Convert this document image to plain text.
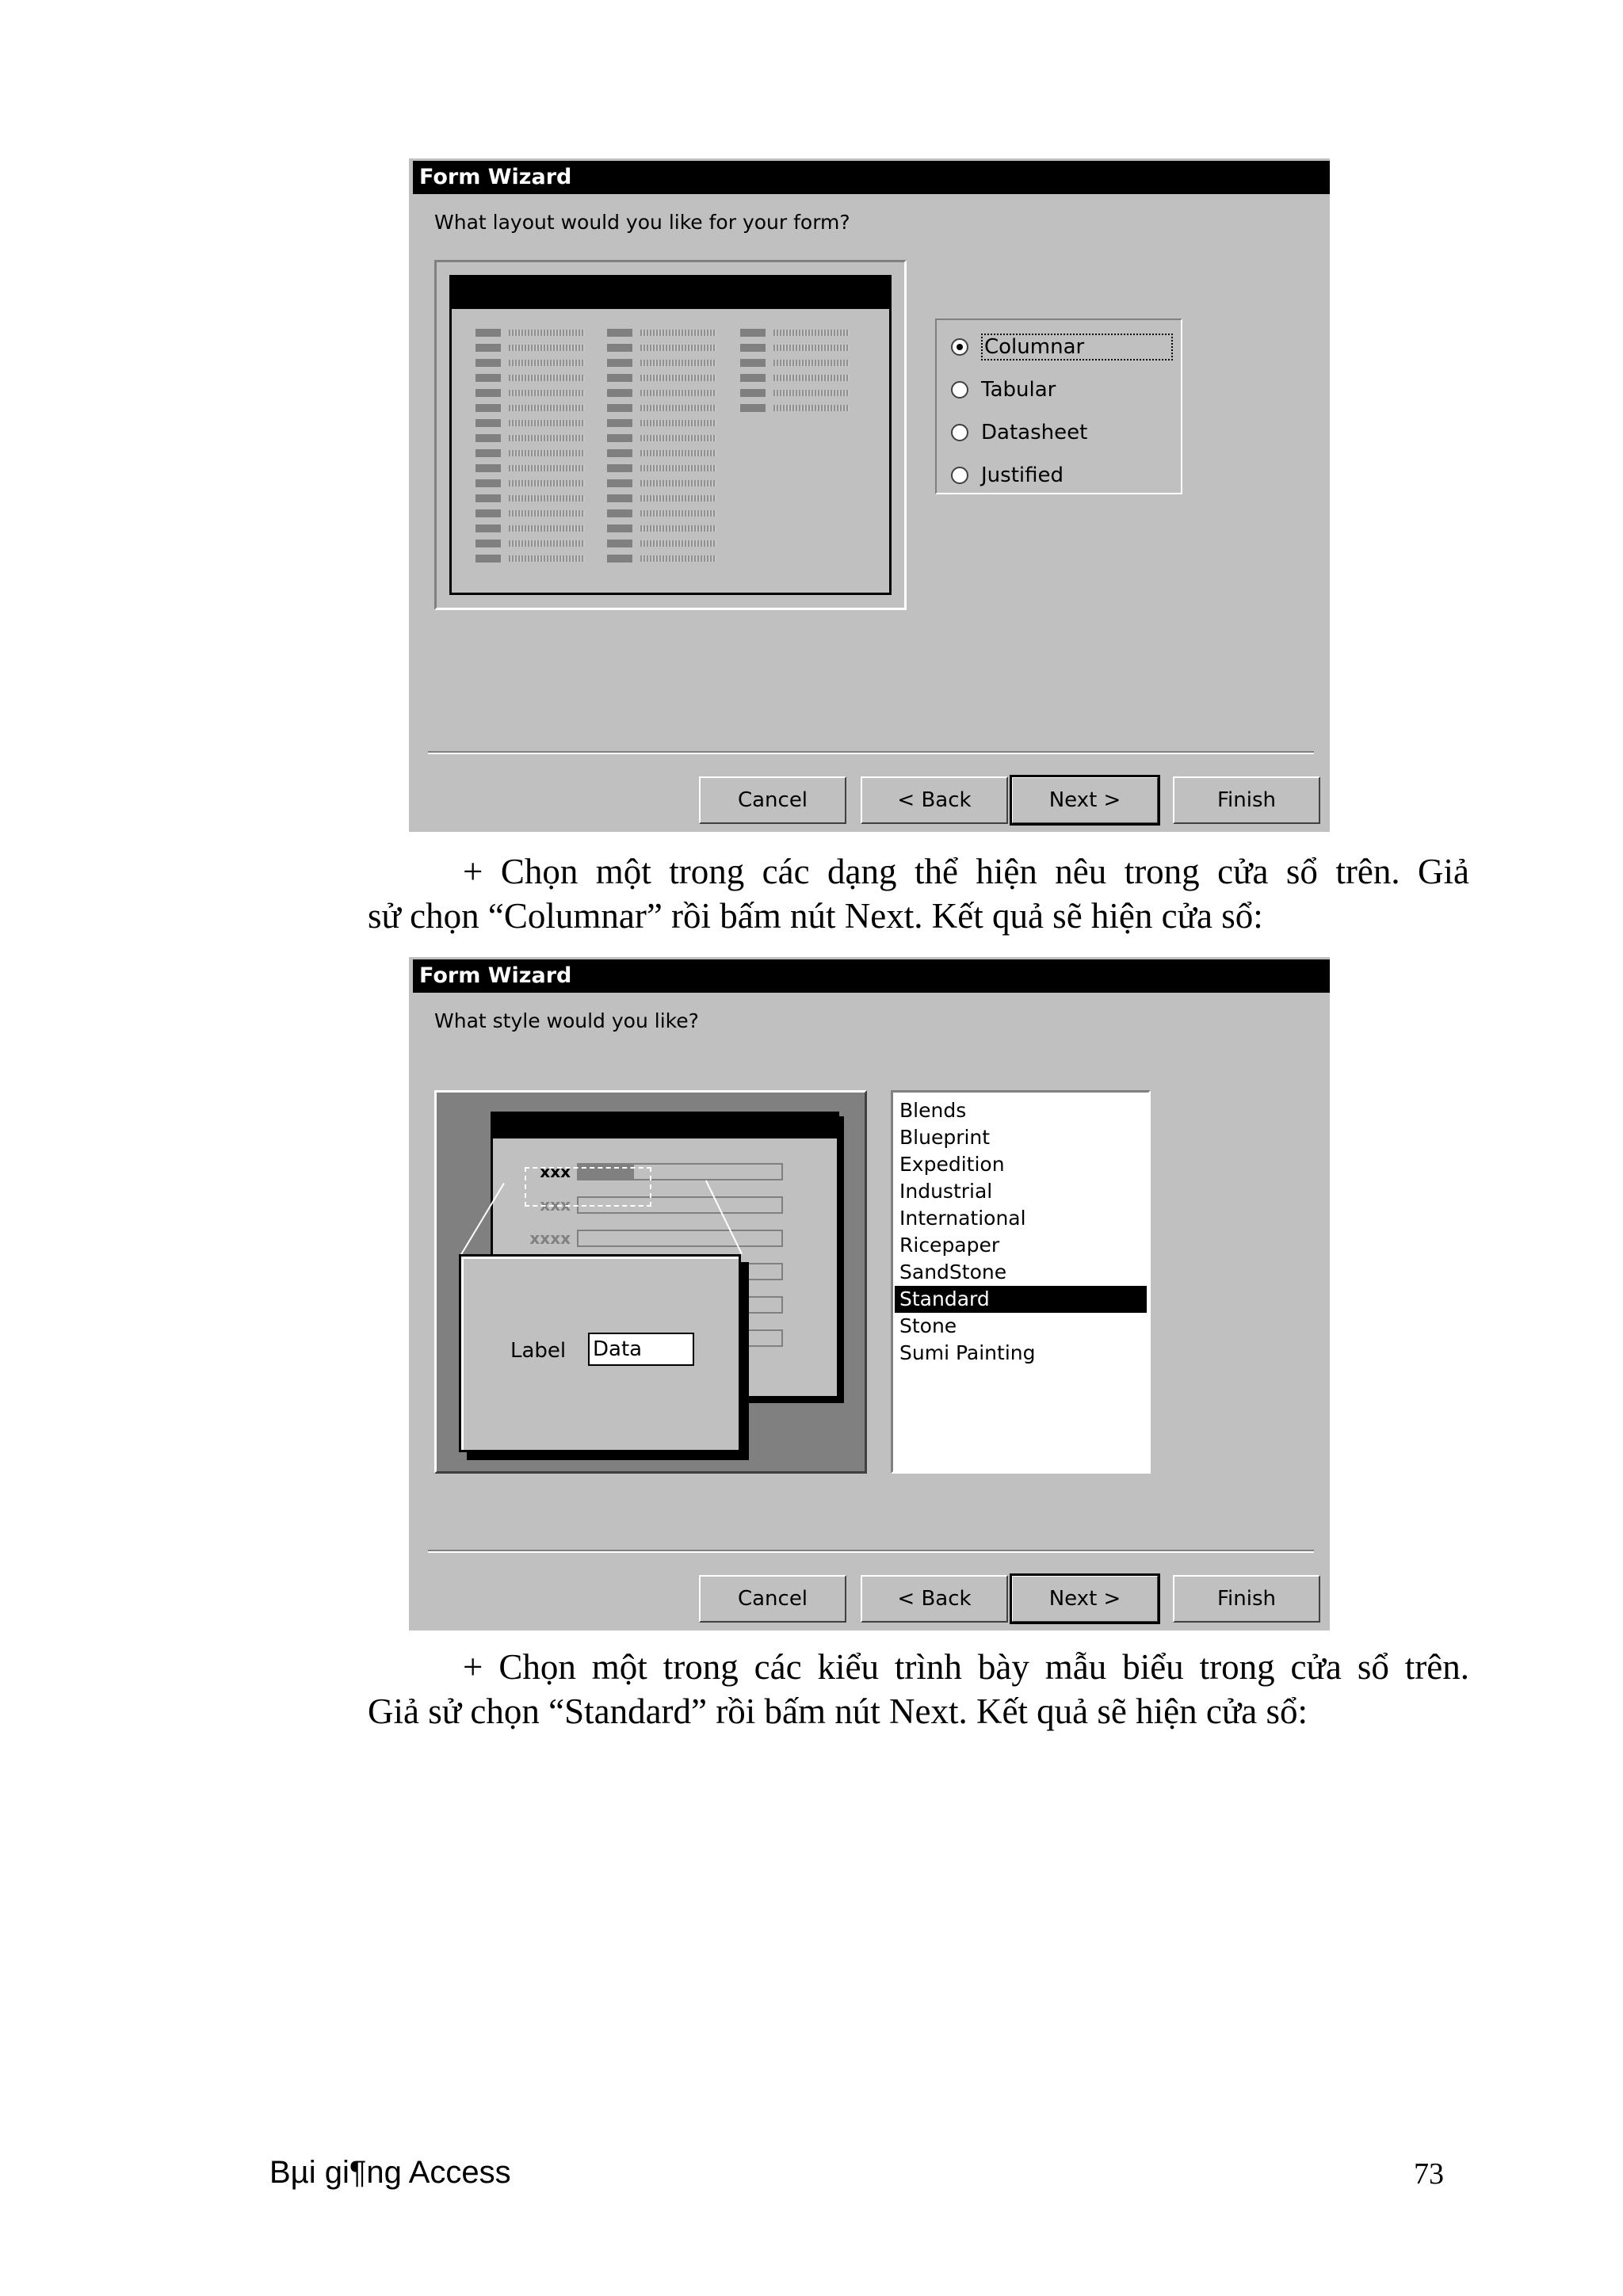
Form Wizard
What layout would you like for your form?
Columnar
Tabular
Datasheet
Justified
Cancel	< Back	Next >	Finish
+ Chọn một trong các dạng thể hiện nêu trong cửa sổ trên. Giả
sử chọn “Columnar” rồi bấm nút Next. Kết quả sẽ hiện cửa sổ:
Form Wizard
What style would you like?
xxx
xxx
xxxx
Label Data
Blends
Blueprint
Expedition
Industrial
International
Ricepaper
SandStone
Standard
Stone
Sumi Painting
Cancel	< Back	Next >	Finish
+ Chọn một trong các kiểu trình bày mẫu biểu trong cửa sổ trên.
Giả sử chọn “Standard” rồi bấm nút Next. Kết quả sẽ hiện cửa sổ:
Bµi gi¶ng Access	73
